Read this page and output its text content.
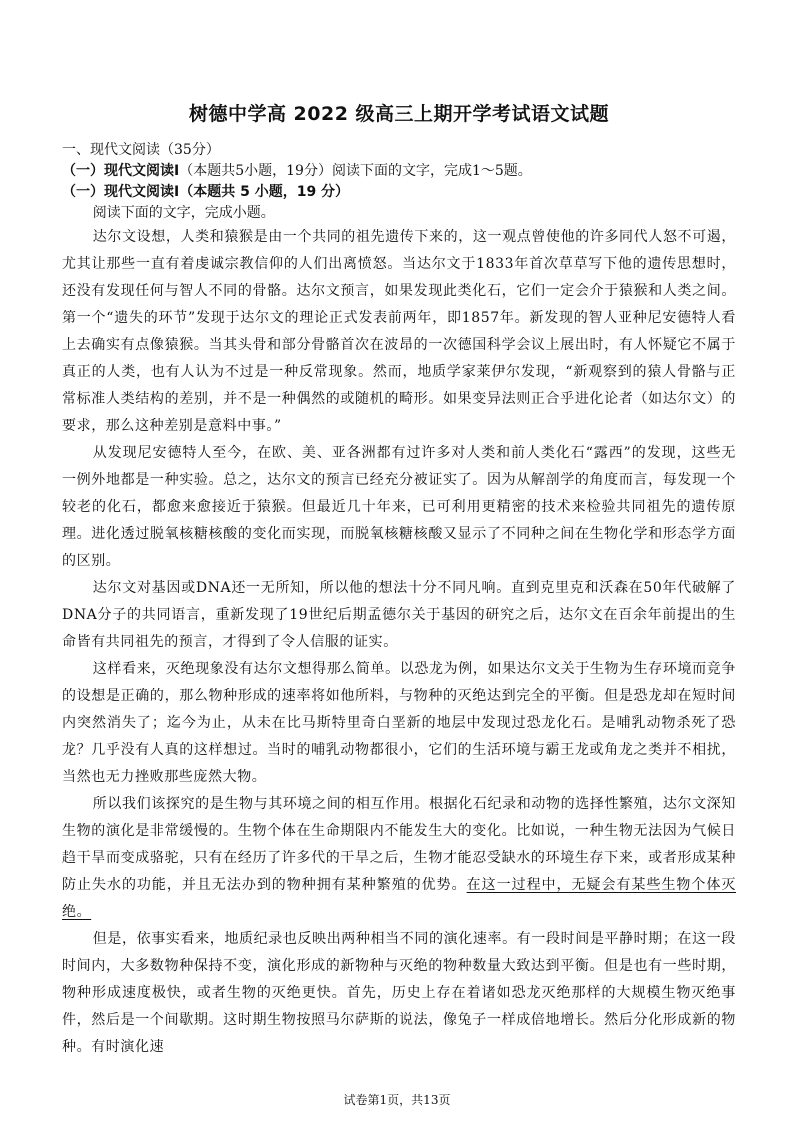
树德中学高 2022 级高三上期开学考试语文试题

一、现代文阅读（35分）

（一）现代文阅读Ⅰ（本题共5小题，19分）阅读下面的文字，完成1～5题。

（一）现代文阅读Ⅰ（本题共 5 小题，19 分）

阅读下面的文字，完成小题。

达尔文设想，人类和猿猴是由一个共同的祖先遗传下来的，这一观点曾使他的许多同代人怒不可遏，尤其让那些一直有着虔诚宗教信仰的人们出离愤怒。当达尔文于1833年首次草草写下他的遗传思想时，还没有发现任何与智人不同的骨骼。达尔文预言，如果发现此类化石，它们一定会介于猿猴和人类之间。第一个“遗失的环节”发现于达尔文的理论正式发表前两年，即1857年。新发现的智人亚种尼安德特人看上去确实有点像猿猴。当其头骨和部分骨骼首次在波昂的一次德国科学会议上展出时，有人怀疑它不属于真正的人类，也有人认为不过是一种反常现象。然而，地质学家莱伊尔发现，“新观察到的猿人骨骼与正常标准人类结构的差别，并不是一种偶然的或随机的畸形。如果变异法则正合乎进化论者（如达尔文）的要求，那么这种差别是意料中事。”

从发现尼安德特人至今，在欧、美、亚各洲都有过许多对人类和前人类化石“露西”的发现，这些无一例外地都是一种实验。总之，达尔文的预言已经充分被证实了。因为从解剖学的角度而言，每发现一个较老的化石，都愈来愈接近于猿猴。但最近几十年来，已可利用更精密的技术来检验共同祖先的遗传原理。进化透过脱氧核糖核酸的变化而实现，而脱氧核糖核酸又显示了不同种之间在生物化学和形态学方面的区别。

达尔文对基因或DNA还一无所知，所以他的想法十分不同凡响。直到克里克和沃森在50年代破解了DNA分子的共同语言，重新发现了19世纪后期孟德尔关于基因的研究之后，达尔文在百余年前提出的生命皆有共同祖先的预言，才得到了令人信服的证实。

这样看来，灭绝现象没有达尔文想得那么简单。以恐龙为例，如果达尔文关于生物为生存环境而竞争的设想是正确的，那么物种形成的速率将如他所料，与物种的灭绝达到完全的平衡。但是恐龙却在短时间内突然消失了；迄今为止，从未在比马斯特里奇白垩新的地层中发现过恐龙化石。是哺乳动物杀死了恐龙？几乎没有人真的这样想过。当时的哺乳动物都很小，它们的生活环境与霸王龙或角龙之类并不相扰，当然也无力挫败那些庞然大物。

所以我们该探究的是生物与其环境之间的相互作用。根据化石纪录和动物的选择性繁殖，达尔文深知生物的演化是非常缓慢的。生物个体在生命期限内不能发生大的变化。比如说，一种生物无法因为气候日趋干旱而变成骆驼，只有在经历了许多代的干旱之后，生物才能忍受缺水的环境生存下来，或者形成某种防止失水的功能，并且无法办到的物种拥有某种繁殖的优势。在这一过程中，无疑会有某些生物个体灭绝。

但是，依事实看来，地质纪录也反映出两种相当不同的演化速率。有一段时间是平静时期；在这一段时间内，大多数物种保持不变，演化形成的新物种与灭绝的物种数量大致达到平衡。但是也有一些时期，物种形成速度极快，或者生物的灭绝更快。首先，历史上存在着诸如恐龙灭绝那样的大规模生物灭绝事件，然后是一个间歇期。这时期生物按照马尔萨斯的说法，像兔子一样成倍地增长。然后分化形成新的物种。有时演化速

试卷第1页，共13页
